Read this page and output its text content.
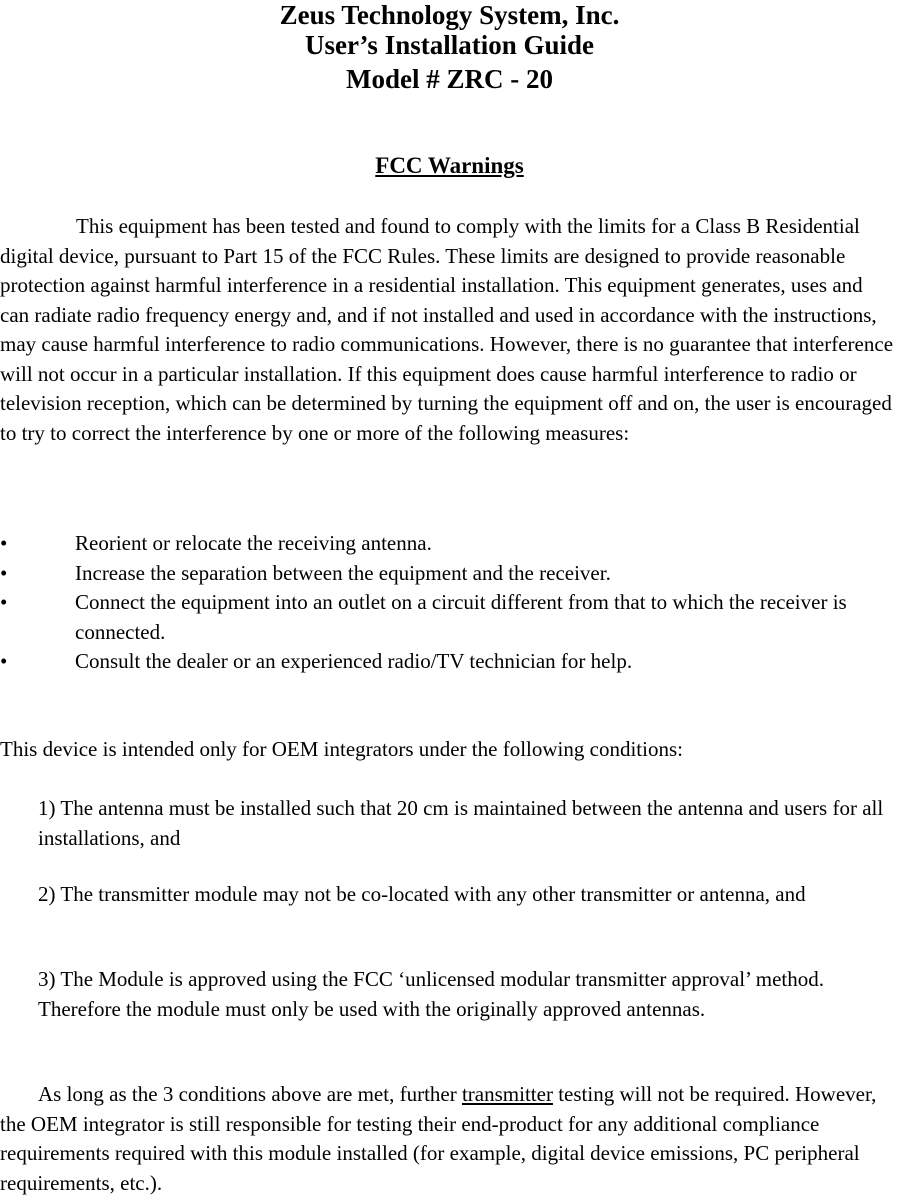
Zeus Technology System, Inc.
User’s Installation Guide
Model # ZRC - 20
FCC Warnings

This equipment has been tested and found to comply with the limits for a Class B Residential digital device, pursuant to Part 15 of the FCC Rules. These limits are designed to provide reasonable protection against harmful interference in a residential installation. This equipment generates, uses and can radiate radio frequency energy and, and if not installed and used in accordance with the instructions, may cause harmful interference to radio communications. However, there is no guarantee that interference will not occur in a particular installation. If this equipment does cause harmful interference to radio or television reception, which can be determined by turning the equipment off and on, the user is encouraged to try to correct the interference by one or more of the following measures:

•	Reorient or relocate the receiving antenna.
•	Increase the separation between the equipment and the receiver.
•	Connect the equipment into an outlet on a circuit different from that to which the receiver is connected.
•	Consult the dealer or an experienced radio/TV technician for help.

This device is intended only for OEM integrators under the following conditions:

1) The antenna must be installed such that 20 cm is maintained between the antenna and users for all installations, and

2) The transmitter module may not be co-located with any other transmitter or antenna, and

3) The Module is approved using the FCC ‘unlicensed modular transmitter approval’ method. Therefore the module must only be used with the originally approved antennas.

As long as the 3 conditions above are met, further transmitter testing will not be required. However, the OEM integrator is still responsible for testing their end-product for any additional compliance requirements required with this module installed (for example, digital device emissions, PC peripheral requirements, etc.).
